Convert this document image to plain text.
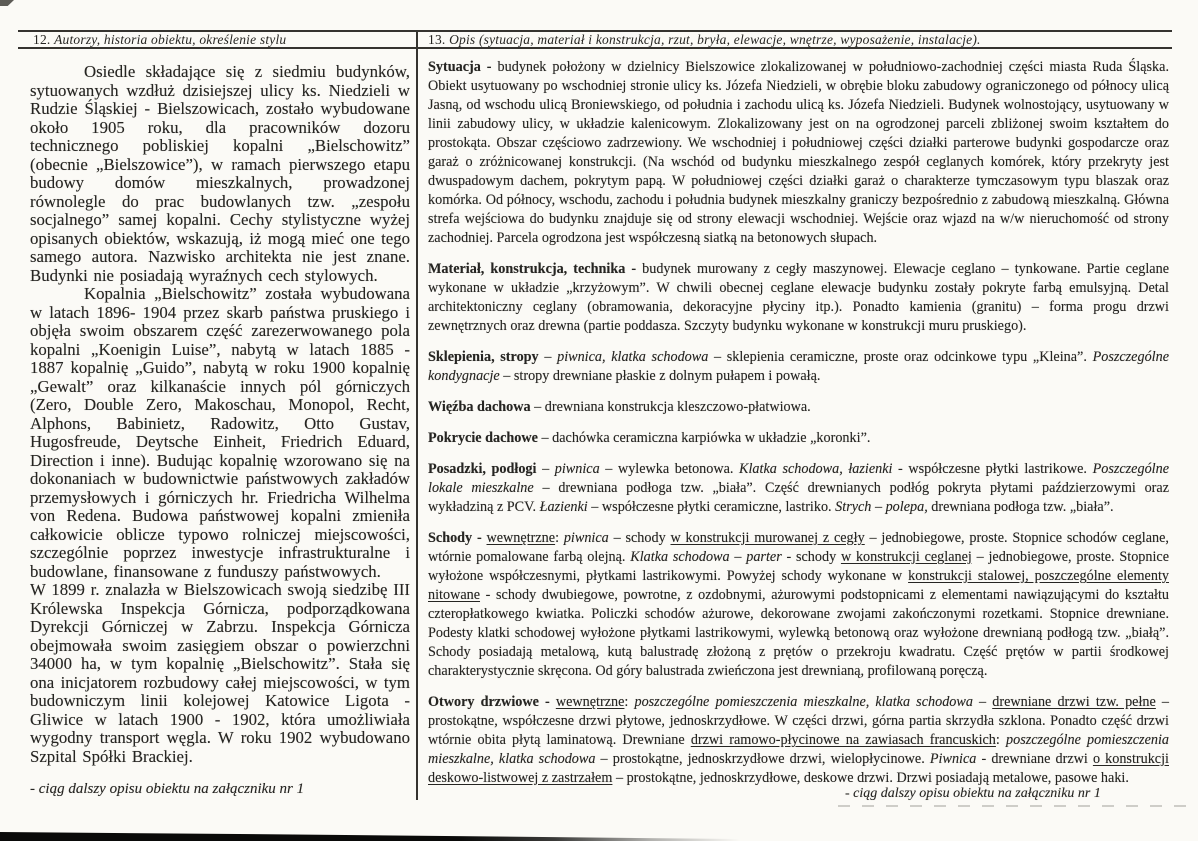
12. Autorzy, historia obiektu, określenie stylu	13. Opis (sytuacja, materiał i konstrukcja, rzut, bryła, elewacje, wnętrze, wyposażenie, instalacje).

Osiedle składające się z siedmiu budynków, sytuowanych wzdłuż dzisiejszej ulicy ks. Niedzieli w Rudzie Śląskiej - Bielszowicach, zostało wybudowane około 1905 roku, dla pracowników dozoru technicznego pobliskiej kopalni „Bielschowitz” (obecnie „Bielszowice”), w ramach pierwszego etapu budowy domów mieszkalnych, prowadzonej równolegle do prac budowlanych tzw. „zespołu socjalnego” samej kopalni. Cechy stylistyczne wyżej opisanych obiektów, wskazują, iż mogą mieć one tego samego autora. Nazwisko architekta nie jest znane. Budynki nie posiadają wyraźnych cech stylowych.

Kopalnia „Bielschowitz” została wybudowana w latach 1896- 1904 przez skarb państwa pruskiego i objęła swoim obszarem część zarezerwowanego pola kopalni „Koenigin Luise”, nabytą w latach 1885 - 1887 kopalnię „Guido”, nabytą w roku 1900 kopalnię „Gewalt” oraz kilkanaście innych pól górniczych (Zero, Double Zero, Makoschau, Monopol, Recht, Alphons, Babinietz, Radowitz, Otto Gustav, Hugosfreude, Deytsche Einheit, Friedrich Eduard, Direction i inne). Budując kopalnię wzorowano się na dokonaniach w budownictwie państwowych zakładów przemysłowych i górniczych hr. Friedricha Wilhelma von Redena. Budowa państwowej kopalni zmieniła całkowicie oblicze typowo rolniczej miejscowości, szczególnie poprzez inwestycje infrastrukturalne i budowlane, finansowane z funduszy państwowych.

W 1899 r. znalazła w Bielszowicach swoją siedzibę III Królewska Inspekcja Górnicza, podporządkowana Dyrekcji Górniczej w Zabrzu. Inspekcja Górnicza obejmowała swoim zasięgiem obszar o powierzchni 34000 ha, w tym kopalnię „Bielschowitz”. Stała się ona inicjatorem rozbudowy całej miejscowości, w tym budowniczym linii kolejowej Katowice Ligota - Gliwice w latach 1900 - 1902, która umożliwiała wygodny transport węgla. W roku 1902 wybudowano Szpital Spółki Brackiej.

Sytuacja - budynek położony w dzielnicy Bielszowice zlokalizowanej w południowo-zachodniej części miasta Ruda Śląska. Obiekt usytuowany po wschodniej stronie ulicy ks. Józefa Niedzieli, w obrębie bloku zabudowy ograniczonego od północy ulicą Jasną, od wschodu ulicą Broniewskiego, od południa i zachodu ulicą ks. Józefa Niedzieli. Budynek wolnostojący, usytuowany w linii zabudowy ulicy, w układzie kalenicowym. Zlokalizowany jest on na ogrodzonej parceli zbliżonej swoim kształtem do prostokąta. Obszar częściowo zadrzewiony. We wschodniej i południowej części działki parterowe budynki gospodarcze oraz garaż o zróżnicowanej konstrukcji. (Na wschód od budynku mieszkalnego zespół ceglanych komórek, który przekryty jest dwuspadowym dachem, pokrytym papą. W południowej części działki garaż o charakterze tymczasowym typu blaszak oraz komórka. Od północy, wschodu, zachodu i południa budynek mieszkalny graniczy bezpośrednio z zabudową mieszkalną. Główna strefa wejściowa do budynku znajduje się od strony elewacji wschodniej. Wejście oraz wjazd na w/w nieruchomość od strony zachodniej. Parcela ogrodzona jest współczesną siatką na betonowych słupach.

Materiał, konstrukcja, technika - budynek murowany z cegły maszynowej. Elewacje ceglano – tynkowane. Partie ceglane wykonane w układzie „krzyżowym”. W chwili obecnej ceglane elewacje budynku zostały pokryte farbą emulsyjną. Detal architektoniczny ceglany (obramowania, dekoracyjne płyciny itp.). Ponadto kamienia (granitu) – forma progu drzwi zewnętrznych oraz drewna (partie poddasza. Szczyty budynku wykonane w konstrukcji muru pruskiego).

Sklepienia, stropy – piwnica, klatka schodowa – sklepienia ceramiczne, proste oraz odcinkowe typu „Kleina”. Poszczególne kondygnacje – stropy drewniane płaskie z dolnym pułapem i powałą.

Więźba dachowa – drewniana konstrukcja kleszczowo-płatwiowa.

Pokrycie dachowe – dachówka ceramiczna karpiówka w układzie „koronki”.

Posadzki, podłogi – piwnica – wylewka betonowa. Klatka schodowa, łazienki - współczesne płytki lastrikowe. Poszczególne lokale mieszkalne – drewniana podłoga tzw. „biała”. Część drewnianych podłóg pokryta płytami paździerzowymi oraz wykładziną z PCV. Łazienki – współczesne płytki ceramiczne, lastriko. Strych – polepa, drewniana podłoga tzw. „biała”.

Schody - wewnętrzne: piwnica – schody w konstrukcji murowanej z cegły – jednobiegowe, proste. Stopnice schodów ceglane, wtórnie pomalowane farbą olejną. Klatka schodowa – parter - schody w konstrukcji ceglanej – jednobiegowe, proste. Stopnice wyłożone współczesnymi, płytkami lastrikowymi. Powyżej schody wykonane w konstrukcji stalowej, poszczególne elementy nitowane - schody dwubiegowe, powrotne, z ozdobnymi, ażurowymi podstopnicami z elementami nawiązującymi do kształtu czteropłatkowego kwiatka. Policzki schodów ażurowe, dekorowane zwojami zakończonymi rozetkami. Stopnice drewniane. Podesty klatki schodowej wyłożone płytkami lastrikowymi, wylewką betonową oraz wyłożone drewnianą podłogą tzw. „białą”. Schody posiadają metalową, kutą balustradę złożoną z prętów o przekroju kwadratu. Część prętów w partii środkowej charakterystycznie skręcona. Od góry balustrada zwieńczona jest drewnianą, profilowaną poręczą.

Otwory drzwiowe - wewnętrzne: poszczególne pomieszczenia mieszkalne, klatka schodowa – drewniane drzwi tzw. pełne – prostokątne, współczesne drzwi płytowe, jednoskrzydłowe. W części drzwi, górna partia skrzydła szklona. Ponadto część drzwi wtórnie obita płytą laminatową. Drewniane drzwi ramowo-płycinowe na zawiasach francuskich: poszczególne pomieszczenia mieszkalne, klatka schodowa – prostokątne, jednoskrzydłowe drzwi, wielopłycinowe. Piwnica - drewniane drzwi o konstrukcji deskowo-listwowej z zastrzałem – prostokątne, jednoskrzydłowe, deskowe drzwi. Drzwi posiadają metalowe, pasowe haki.

- ciąg dalszy opisu obiektu na załączniku nr 1	- ciąg dalszy opisu obiektu na załączniku nr 1
